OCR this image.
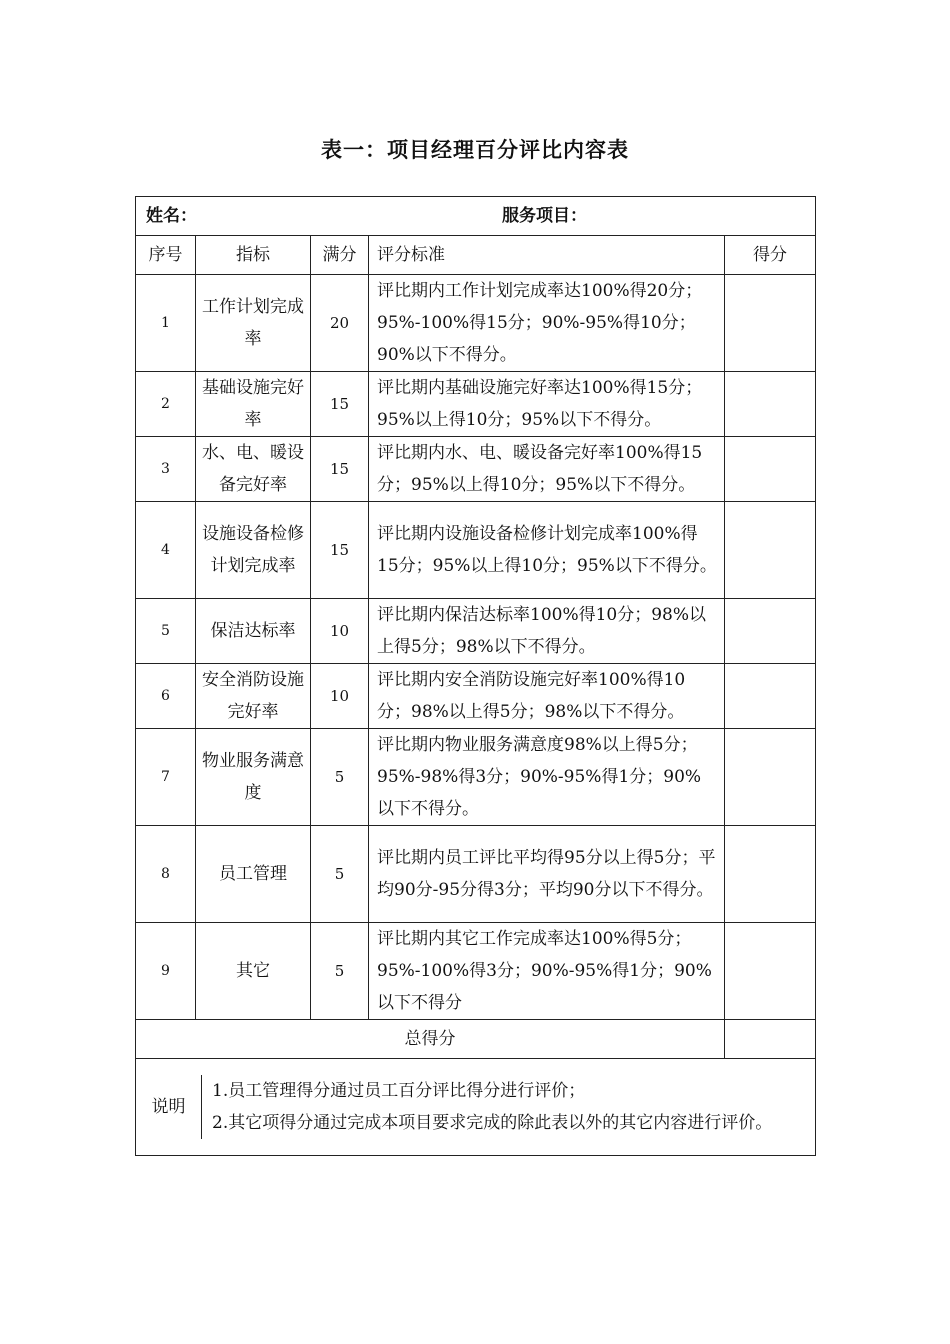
表一：项目经理百分评比内容表
姓名：	服务项目：
序号	指标	满分	评分标准	得分
1	工作计划完成率	20	评比期内工作计划完成率达100%得20分；95%-100%得15分；90%-95%得10分；90%以下不得分。	
2	基础设施完好率	15	评比期内基础设施完好率达100%得15分；95%以上得10分；95%以下不得分。	
3	水、电、暖设备完好率	15	评比期内水、电、暖设备完好率100%得15分；95%以上得10分；95%以下不得分。	
4	设施设备检修计划完成率	15	评比期内设施设备检修计划完成率100%得15分；95%以上得10分；95%以下不得分。	
5	保洁达标率	10	评比期内保洁达标率100%得10分；98%以上得5分；98%以下不得分。	
6	安全消防设施完好率	10	评比期内安全消防设施完好率100%得10分；98%以上得5分；98%以下不得分。	
7	物业服务满意度	5	评比期内物业服务满意度98%以上得5分；95%-98%得3分；90%-95%得1分；90%以下不得分。	
8	员工管理	5	评比期内员工评比平均得95分以上得5分；平均90分-95分得3分；平均90分以下不得分。	
9	其它	5	评比期内其它工作完成率达100%得5分；95%-100%得3分；90%-95%得1分；90%以下不得分	
总得分	

说明	
1.员工管理得分通过员工百分评比得分进行评价；
2.其它项得分通过完成本项目要求完成的除此表以外的其它内容进行评价。
